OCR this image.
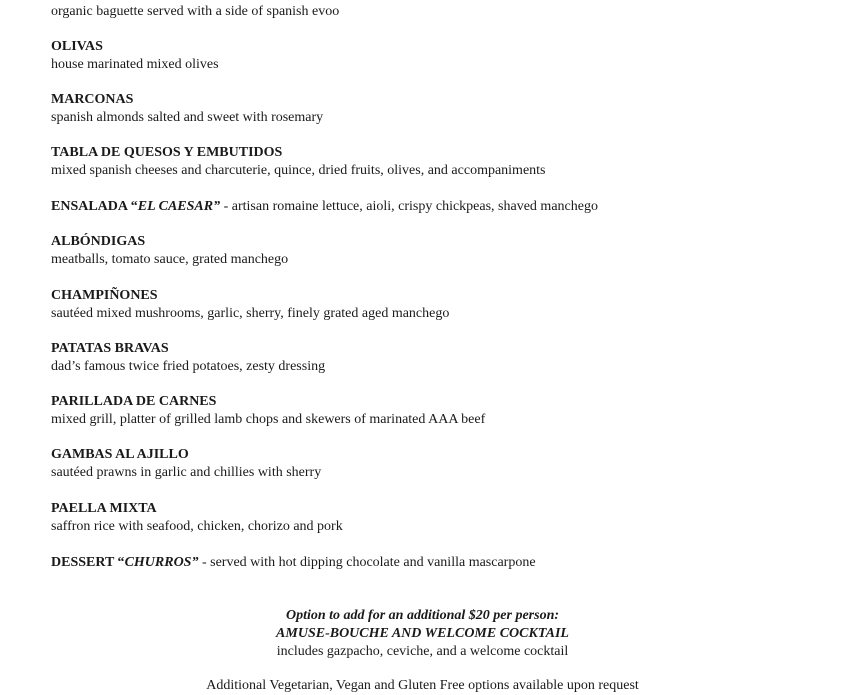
organic baguette served with a side of spanish evoo
OLIVAS
house marinated mixed olives
MARCONAS
spanish almonds salted and sweet with rosemary
TABLA DE QUESOS Y EMBUTIDOS
mixed spanish cheeses and charcuterie, quince, dried fruits, olives, and accompaniments
ENSALADA “EL CAESAR” - artisan romaine lettuce, aioli, crispy chickpeas, shaved manchego
ALBÓNDIGAS
meatballs, tomato sauce, grated manchego
CHAMPIÑONES
sautéed mixed mushrooms, garlic, sherry, finely grated aged manchego
PATATAS BRAVAS
dad’s famous twice fried potatoes, zesty dressing
PARILLADA DE CARNES
mixed grill, platter of grilled lamb chops and skewers of marinated AAA beef
GAMBAS AL AJILLO
sautéed prawns in garlic and chillies with sherry
PAELLA MIXTA
saffron rice with seafood, chicken, chorizo and pork
DESSERT “CHURROS” - served with hot dipping chocolate and vanilla mascarpone
Option to add for an additional $20 per person:
AMUSE-BOUCHE AND WELCOME COCKTAIL
includes gazpacho, ceviche, and a welcome cocktail
Additional Vegetarian, Vegan and Gluten Free options available upon request
